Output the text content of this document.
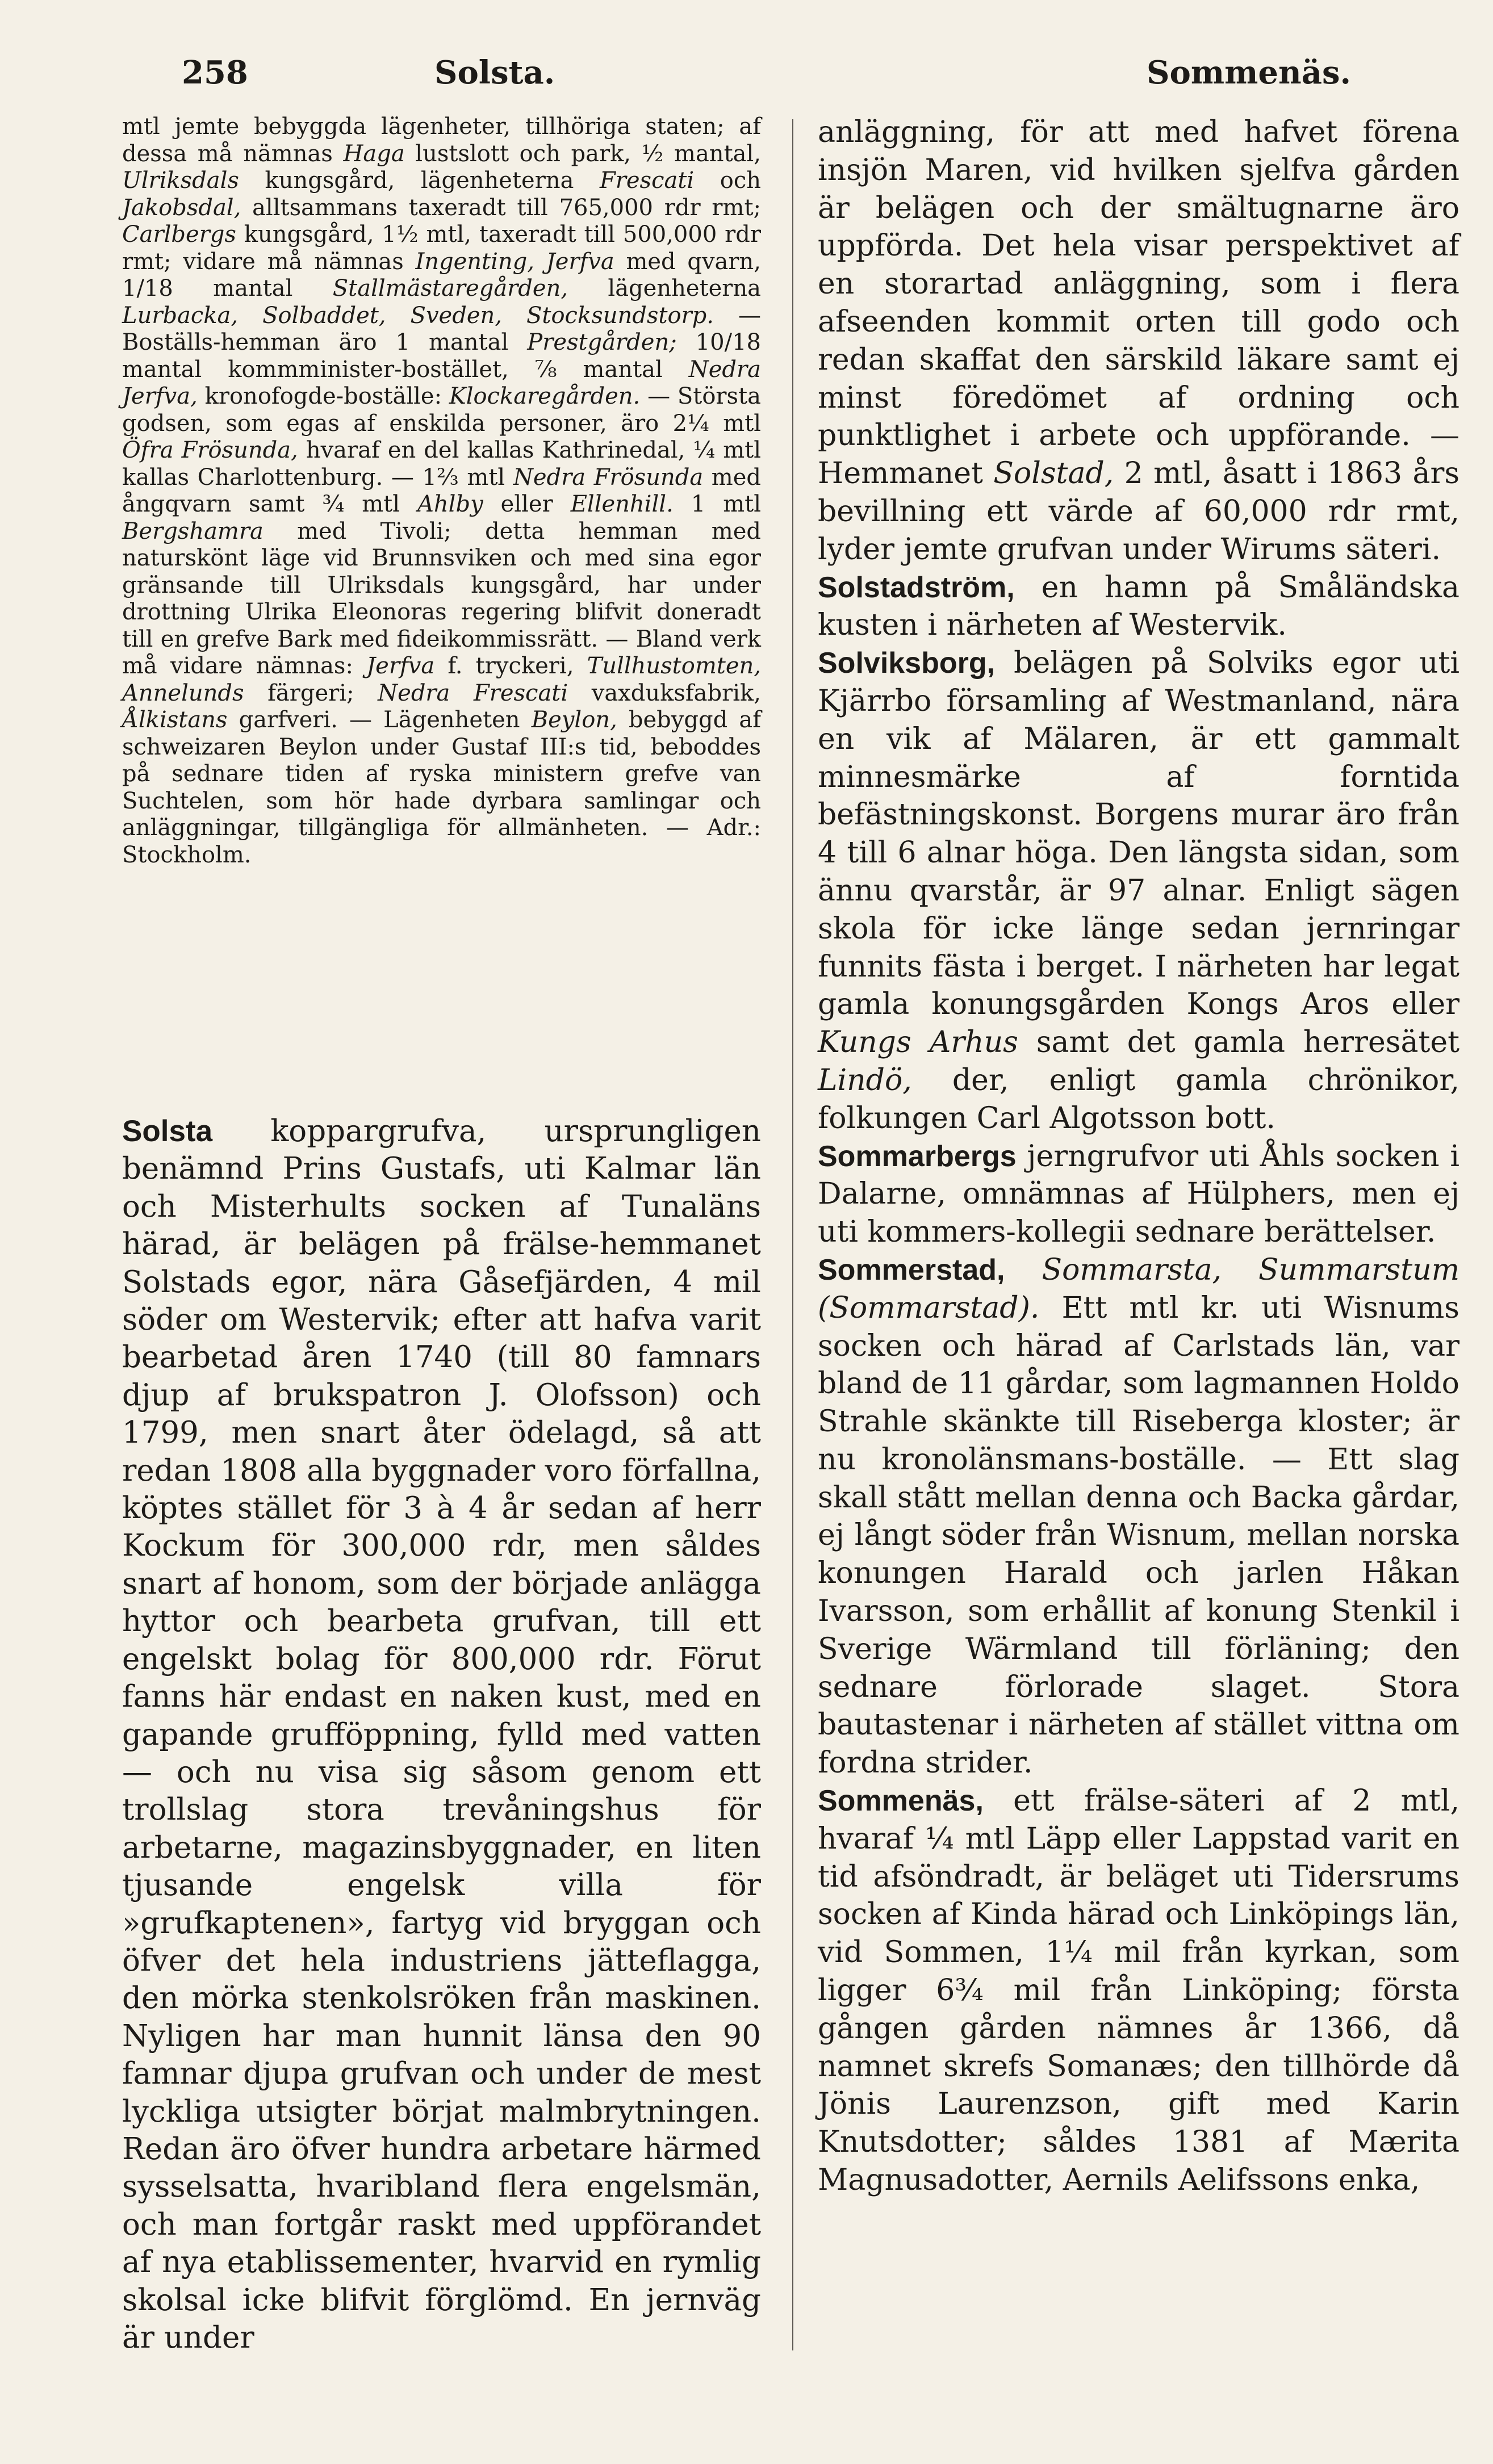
258	Solsta.	Sommenäs.

mtl jemte bebyggda lägenheter, tillhöriga staten; af dessa må nämnas Haga lustslott och park, ½ mantal, Ulriksdals kungsgård, lägenheterna Frescati och Jakobsdal, alltsammans taxeradt till 765,000 rdr rmt; Carlbergs kungsgård, 1½ mtl, taxeradt till 500,000 rdr rmt; vidare må nämnas Ingenting, Jerfva med qvarn, 1/18 mantal Stallmästaregården, lägenheterna Lurbacka, Solbaddet, Sveden, Stocksundstorp. — Boställs-hemman äro 1 mantal Prestgården; 10/18 mantal kommminister-bostället, ⅞ mantal Nedra Jerfva, kronofogde-boställe: Klockaregården. — Största godsen, som egas af enskilda personer, äro 2¼ mtl Öfra Frösunda, hvaraf en del kallas Kathrinedal, ¼ mtl kallas Charlottenburg. — 1⅔ mtl Nedra Frösunda med ångqvarn samt ¾ mtl Ahlby eller Ellenhill. 1 mtl Bergshamra med Tivoli; detta hemman med naturskönt läge vid Brunnsviken och med sina egor gränsande till Ulriksdals kungsgård, har under drottning Ulrika Eleonoras regering blifvit doneradt till en grefve Bark med fideikommissrätt. — Bland verk må vidare nämnas: Jerfva f. tryckeri, Tullhustomten, Annelunds färgeri; Nedra Frescati vaxduksfabrik, Ålkistans garfveri. — Lägenheten Beylon, bebyggd af schweizaren Beylon under Gustaf III:s tid, beboddes på sednare tiden af ryska ministern grefve van Suchtelen, som hör hade dyrbara samlingar och anläggningar, tillgängliga för allmänheten. — Adr.: Stockholm.

Solsta koppargrufva, ursprungligen benämnd Prins Gustafs, uti Kalmar län och Misterhults socken af Tunaläns härad, är belägen på frälse-hemmanet Solstads egor, nära Gåsefjärden, 4 mil söder om Westervik; efter att hafva varit bearbetad åren 1740 (till 80 famnars djup af brukspatron J. Olofsson) och 1799, men snart åter ödelagd, så att redan 1808 alla byggnader voro förfallna, köptes stället för 3 à 4 år sedan af herr Kockum för 300,000 rdr, men såldes snart af honom, som der började anlägga hyttor och bearbeta grufvan, till ett engelskt bolag för 800,000 rdr. Förut fanns här endast en naken kust, med en gapande grufföppning, fylld med vatten — och nu visa sig såsom genom ett trollslag stora trevåningshus för arbetarne, magazinsbyggnader, en liten tjusande engelsk villa för »grufkaptenen», fartyg vid bryggan och öfver det hela industriens jätteflagga, den mörka stenkolsröken från maskinen. Nyligen har man hunnit länsa den 90 famnar djupa grufvan och under de mest lyckliga utsigter börjat malmbrytningen. Redan äro öfver hundra arbetare härmed sysselsatta, hvaribland flera engelsmän, och man fortgår raskt med uppförandet af nya etablissementer, hvarvid en rymlig skolsal icke blifvit förglömd. En jernväg är under

anläggning, för att med hafvet förena insjön Maren, vid hvilken sjelfva gården är belägen och der smältugnarne äro uppförda. Det hela visar perspektivet af en storartad anläggning, som i flera afseenden kommit orten till godo och redan skaffat den särskild läkare samt ej minst föredömet af ordning och punktlighet i arbete och uppförande. — Hemmanet Solstad, 2 mtl, åsatt i 1863 års bevillning ett värde af 60,000 rdr rmt, lyder jemte grufvan under Wirums säteri.

Solstadström, en hamn på Småländska kusten i närheten af Westervik.

Solviksborg, belägen på Solviks egor uti Kjärrbo församling af Westmanland, nära en vik af Mälaren, är ett gammalt minnesmärke af forntida befästningskonst. Borgens murar äro från 4 till 6 alnar höga. Den längsta sidan, som ännu qvarstår, är 97 alnar. Enligt sägen skola för icke länge sedan jernringar funnits fästa i berget. I närheten har legat gamla konungsgården Kongs Aros eller Kungs Arhus samt det gamla herresätet Lindö, der, enligt gamla chrönikor, folkungen Carl Algotsson bott.

Sommarbergs jerngrufvor uti Åhls socken i Dalarne, omnämnas af Hülphers, men ej uti kommers-kollegii sednare berättelser.

Sommerstad, Sommarsta, Summarstum (Sommarstad). Ett mtl kr. uti Wisnums socken och härad af Carlstads län, var bland de 11 gårdar, som lagmannen Holdo Strahle skänkte till Riseberga kloster; är nu kronolänsmans-boställe. — Ett slag skall stått mellan denna och Backa gårdar, ej långt söder från Wisnum, mellan norska konungen Harald och jarlen Håkan Ivarsson, som erhållit af konung Stenkil i Sverige Wärmland till förläning; den sednare förlorade slaget. Stora bautastenar i närheten af stället vittna om fordna strider.

Sommenäs, ett frälse-säteri af 2 mtl, hvaraf ¼ mtl Läpp eller Lappstad varit en tid afsöndradt, är beläget uti Tidersrums socken af Kinda härad och Linköpings län, vid Sommen, 1¼ mil från kyrkan, som ligger 6¾ mil från Linköping; första gången gården nämnes år 1366, då namnet skrefs Somanæs; den tillhörde då Jönis Laurenzson, gift med Karin Knutsdotter; såldes 1381 af Mærita Magnusadotter, Aernils Aelifssons enka,
